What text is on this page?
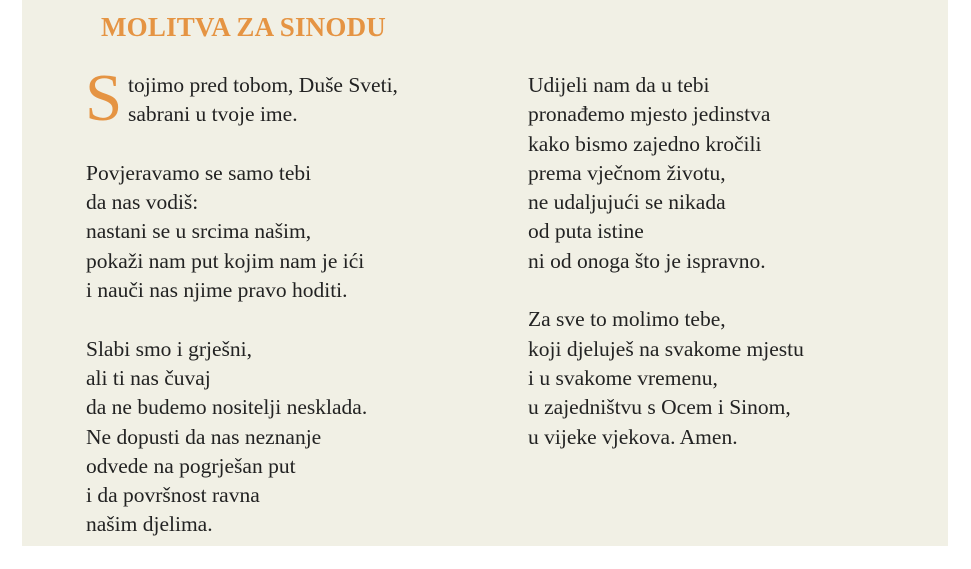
MOLITVA ZA SINODU

S tojimo pred tobom, Duše Sveti,
sabrani u tvoje ime.

Povjeravamo se samo tebi
da nas vodiš:
nastani se u srcima našim,
pokaži nam put kojim nam je ići
i nauči nas njime pravo hoditi.

Slabi smo i grješni,
ali ti nas čuvaj
da ne budemo nositelji nesklada.
Ne dopusti da nas neznanje
odvede na pogrješan put
i da površnost ravna
našim djelima.

Udijeli nam da u tebi
pronađemo mjesto jedinstva
kako bismo zajedno kročili
prema vječnom životu,
ne udaljujući se nikada
od puta istine
ni od onoga što je ispravno.

Za sve to molimo tebe,
koji djeluješ na svakome mjestu
i u svakome vremenu,
u zajedništvu s Ocem i Sinom,
u vijeke vjekova. Amen.
